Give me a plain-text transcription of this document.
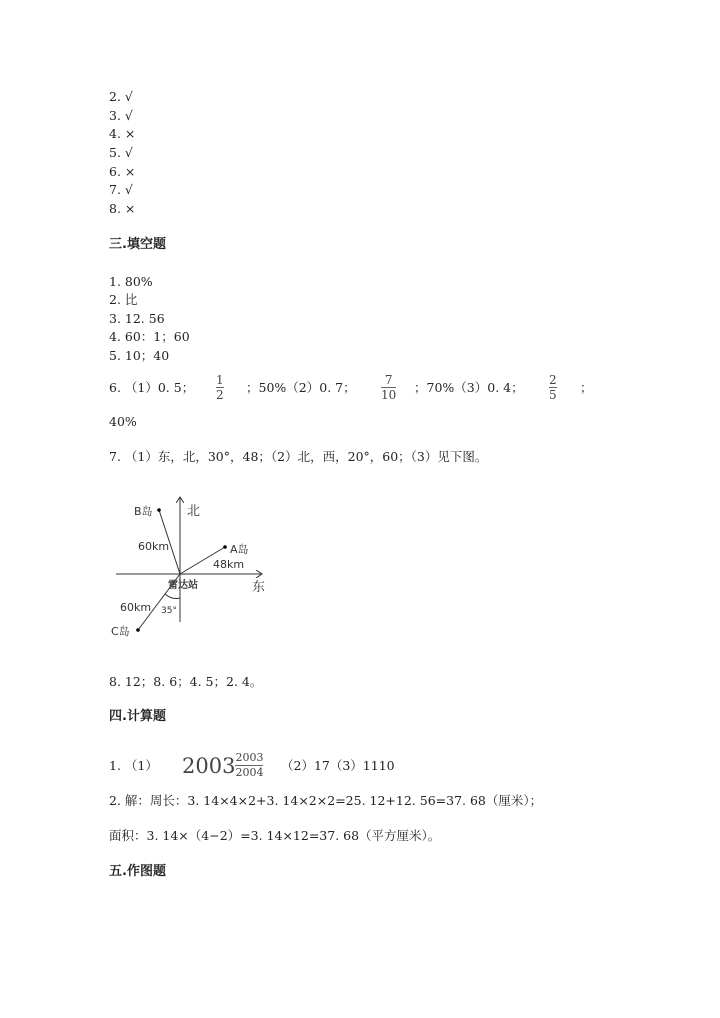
2. √
3. √
4. ×
5. √
6. ×
7. √
8. ×
三.填空题
1. 80%
2. 比
3. 12. 56
4. 60：1；60
5. 10；40
6. （1）0. 5； 1
2 ；50%（2）0. 7； 7
10 ；70%（3）0. 4； 2
5 ；
40%
7. （1）东，北，30°，48；（2）北，西，20°，60；（3）见下图。
B岛	北
60km	A岛
48km
雷达站	东
60km 35°
C岛
8. 12；8. 6；4. 5；2. 4。
四.计算题
1. （1） $2003 \frac{2003}{2004} (2)17(3)1110$
2. 解：周长：3. 14×4×2+3. 14×2×2=25. 12+12. 56=37. 68（厘米）；
面积：3. 14×（4−2）=3. 14×12=37. 68（平方厘米）。
五.作图题
